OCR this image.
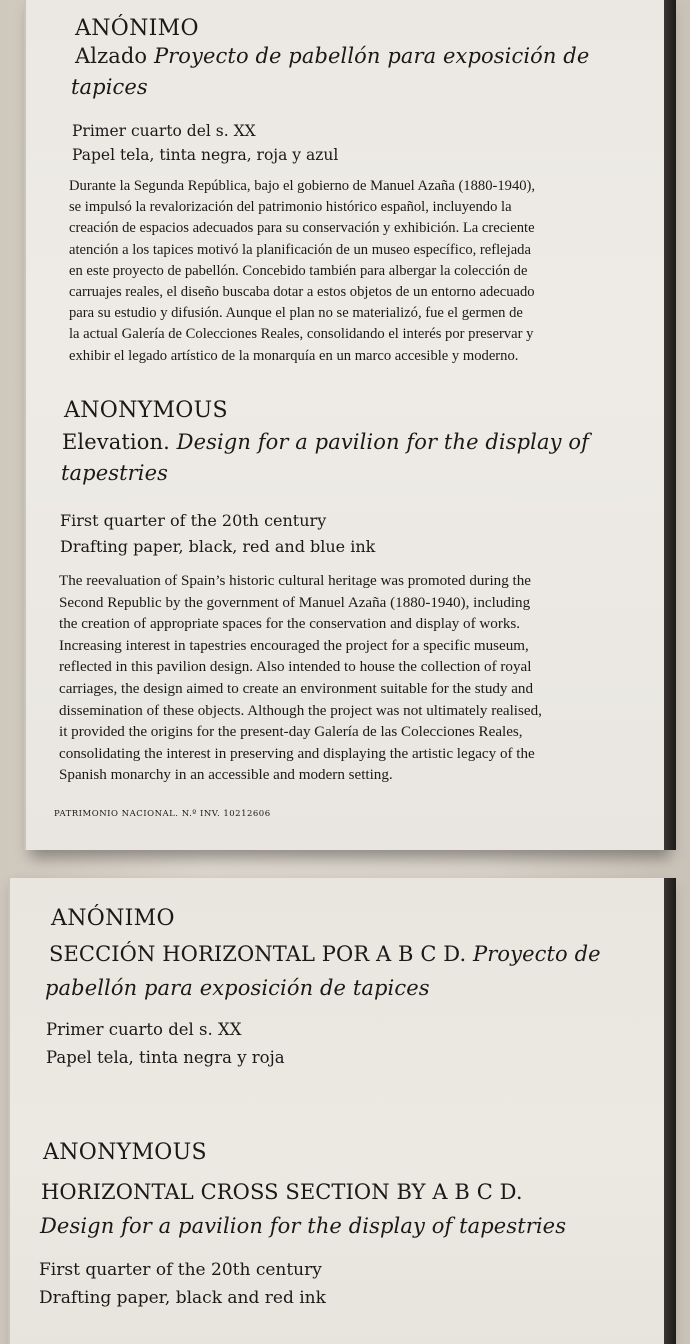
ANÓNIMO

Alzado Proyecto de pabellón para exposición de

tapices

Primer cuarto del s. XX

Papel tela, tinta negra, roja y azul

Durante la Segunda República, bajo el gobierno de Manuel Azaña (1880-1940),
se impulsó la revalorización del patrimonio histórico español, incluyendo la
creación de espacios adecuados para su conservación y exhibición. La creciente
atención a los tapices motivó la planificación de un museo específico, reflejada
en este proyecto de pabellón. Concebido también para albergar la colección de
carruajes reales, el diseño buscaba dotar a estos objetos de un entorno adecuado
para su estudio y difusión. Aunque el plan no se materializó, fue el germen de
la actual Galería de Colecciones Reales, consolidando el interés por preservar y
exhibir el legado artístico de la monarquía en un marco accesible y moderno.

ANONYMOUS

Elevation. Design for a pavilion for the display of

tapestries

First quarter of the 20th century

Drafting paper, black, red and blue ink

The reevaluation of Spain’s historic cultural heritage was promoted during the
Second Republic by the government of Manuel Azaña (1880-1940), including
the creation of appropriate spaces for the conservation and display of works.
Increasing interest in tapestries encouraged the project for a specific museum,
reflected in this pavilion design. Also intended to house the collection of royal
carriages, the design aimed to create an environment suitable for the study and
dissemination of these objects. Although the project was not ultimately realised,
it provided the origins for the present-day Galería de las Colecciones Reales,
consolidating the interest in preserving and displaying the artistic legacy of the
Spanish monarchy in an accessible and modern setting.

PATRIMONIO NACIONAL. N.º INV. 10212606

ANÓNIMO

SECCIÓN HORIZONTAL POR A B C D. Proyecto de

pabellón para exposición de tapices

Primer cuarto del s. XX

Papel tela, tinta negra y roja

ANONYMOUS

HORIZONTAL CROSS SECTION BY A B C D.

Design for a pavilion for the display of tapestries

First quarter of the 20th century

Drafting paper, black and red ink
